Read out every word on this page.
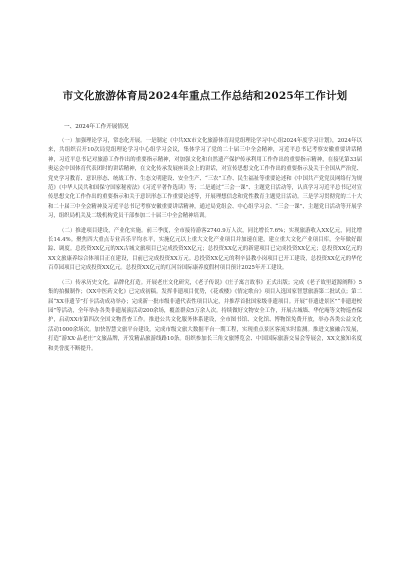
市文化旅游体育局2024年重点工作总结和2025年工作计划
一、2024年工作开展情况

（一）加强理论学习，常态化开展。一是制定《中共XX市文化旅游体育局党组理论学习中心组2024年度学习计划》，2024年以来，共组织召开10次局党组理论学习中心组学习会议，集体学习了党的二十届三中全会精神，习近平总书记考察安徽重要讲话精神，习近平总书记对旅游工作作出的重要指示精神，对加强文化和自然遗产保护传承利用工作作出的重要指示精神，在接见第33届奥运会中国体育代表团时的讲话精神，在文化传承发展座谈会上的讲话，对宣传思想文化工作作出的重要指示及关于全国从严治党、党史学习教育、意识形态、统战工作、生态文明建设、安全生产、“三农”工作、民生福祉等重要论述和《中国共产党党员网络行为规范》《中华人民共和国保守国家秘密法》《习近平著作选读》等；二是通过“三会一课”、主题党日活动等，认真学习习近平总书记对宣传思想文化工作作出的重要指示和关于意识形态工作重要论述等，开展理想信念和党性教育主题党日活动。三是学习贯彻党的二十大和二十届三中全会精神及习近平总书记考察安徽重要讲话精神，通过局党组会、中心组学习会、“三会一课”、主题党日活动等开展学习，组织局机关及二级机构党员干部参加二十届三中全会精神培训。

（二）推进项目建设，产业化实施。前三季度，全市接待游客2740.9万人次，同比增长7.6%；实现旅游收入XX亿元，同比增长14.4%。聚焦四大重点专业音乐平均水平，实施亿元以上重大文化产业项目并加速在建，建立重大文化产业项目库，全年做好跟踪、调度。总投资XX亿元的XX古城文旅项目已完成投资XX亿元；总投资XX亿元的新建项目已完成投资XX亿元；总投资XX亿元的XX文旅康养综合体项目正在建设，目前已完成投资XX万元。总投资XX亿元的利辛县教小岗项目已开工建设，总投资XX亿元的华佗百草园项目已完成投资XX亿元。总投资XX亿元的红河谷国际康养度假村项目预计2025年开工建设。

（三）传承历史文化，品牌化打造。开展老庄文化研究，《老子传说》《庄子寓言故事》正式出版；完成《老子故里道源阐释》5集的拍摄制作；《XX中医药文化》已完成初稿。发挥非遗项目优势，《花戏楼》《情定歌台》项目入选国家智慧旅游第二批试点；第二届“XX非遗节”打卡活动成功举办；完成新一批市级非遗代表性项目认定，并推荐首批国家级非遗项目。开展“非遗进景区”“非遗进校园”等活动，全年举办各类非遗展演活动200余场，覆盖群众5万余人次。持续做好文物安全工作，开展古城墙、华佗庵等文物巡查保护，启动XX市第四次全国文物普查工作。推进公共文化服务体系建设，全市图书馆、文化馆、博物馆免费开放，举办各类公益文化活动1000余场次。加快智慧文旅平台建设，完成市级文旅大数据平台一期工程，实现重点景区客流实时监测。推进文旅融合发展，打造“游XX·品老庄”文旅品牌，开发精品旅游线路10条。组织参加长三角文旅博览会、中国国际旅游交易会等展会，XX文旅知名度和美誉度不断提升。
